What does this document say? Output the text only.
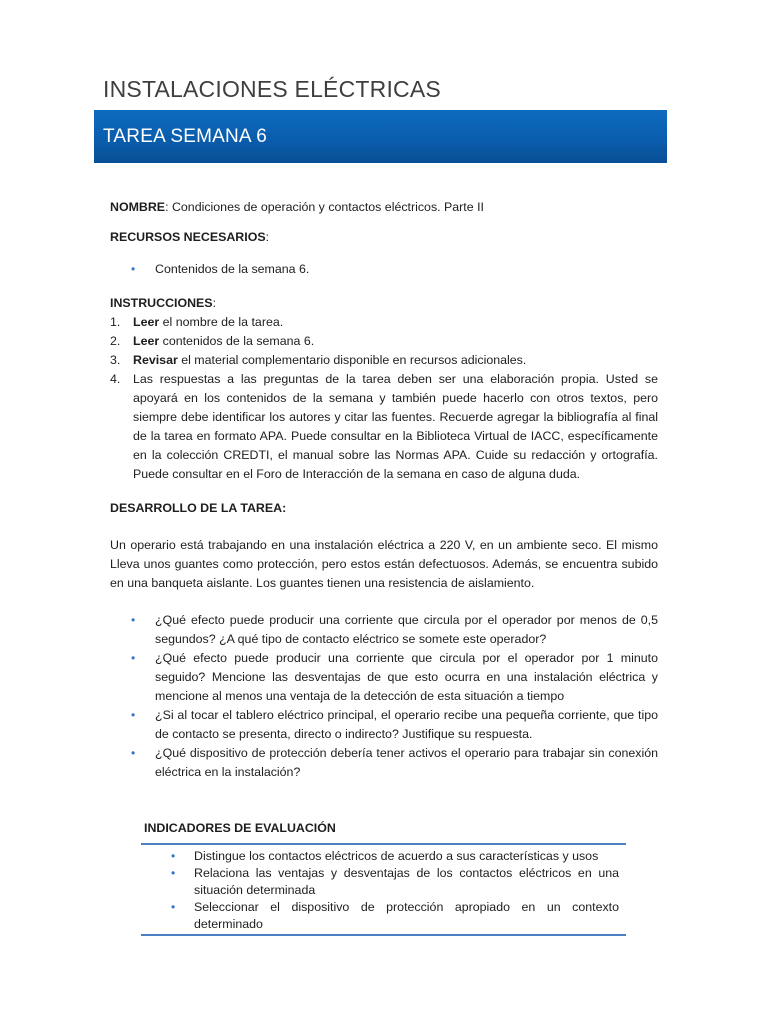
INSTALACIONES ELÉCTRICAS
TAREA SEMANA 6

NOMBRE: Condiciones de operación y contactos eléctricos. Parte II

RECURSOS NECESARIOS:

• Contenidos de la semana 6.

INSTRUCCIONES:

1. Leer el nombre de la tarea.
2. Leer contenidos de la semana 6.
3. Revisar el material complementario disponible en recursos adicionales.
4. Las respuestas a las preguntas de la tarea deben ser una elaboración propia. Usted se apoyará en los contenidos de la semana y también puede hacerlo con otros textos, pero siempre debe identificar los autores y citar las fuentes. Recuerde agregar la bibliografía al final de la tarea en formato APA. Puede consultar en la Biblioteca Virtual de IACC, específicamente en la colección CREDTI, el manual sobre las Normas APA. Cuide su redacción y ortografía. Puede consultar en el Foro de Interacción de la semana en caso de alguna duda.

DESARROLLO DE LA TAREA:

Un operario está trabajando en una instalación eléctrica a 220 V, en un ambiente seco. El mismo Lleva unos guantes como protección, pero estos están defectuosos. Además, se encuentra subido en una banqueta aislante. Los guantes tienen una resistencia de aislamiento.

• ¿Qué efecto puede producir una corriente que circula por el operador por menos de 0,5 segundos? ¿A qué tipo de contacto eléctrico se somete este operador?
• ¿Qué efecto puede producir una corriente que circula por el operador por 1 minuto seguido? Mencione las desventajas de que esto ocurra en una instalación eléctrica y mencione al menos una ventaja de la detección de esta situación a tiempo
• ¿Si al tocar el tablero eléctrico principal, el operario recibe una pequeña corriente, que tipo de contacto se presenta, directo o indirecto? Justifique su respuesta.
• ¿Qué dispositivo de protección debería tener activos el operario para trabajar sin conexión eléctrica en la instalación?
INDICADORES DE EVALUACIÓN
• Distingue los contactos eléctricos de acuerdo a sus características y usos
• Relaciona las ventajas y desventajas de los contactos eléctricos en una situación determinada
• Seleccionar el dispositivo de protección apropiado en un contexto determinado
